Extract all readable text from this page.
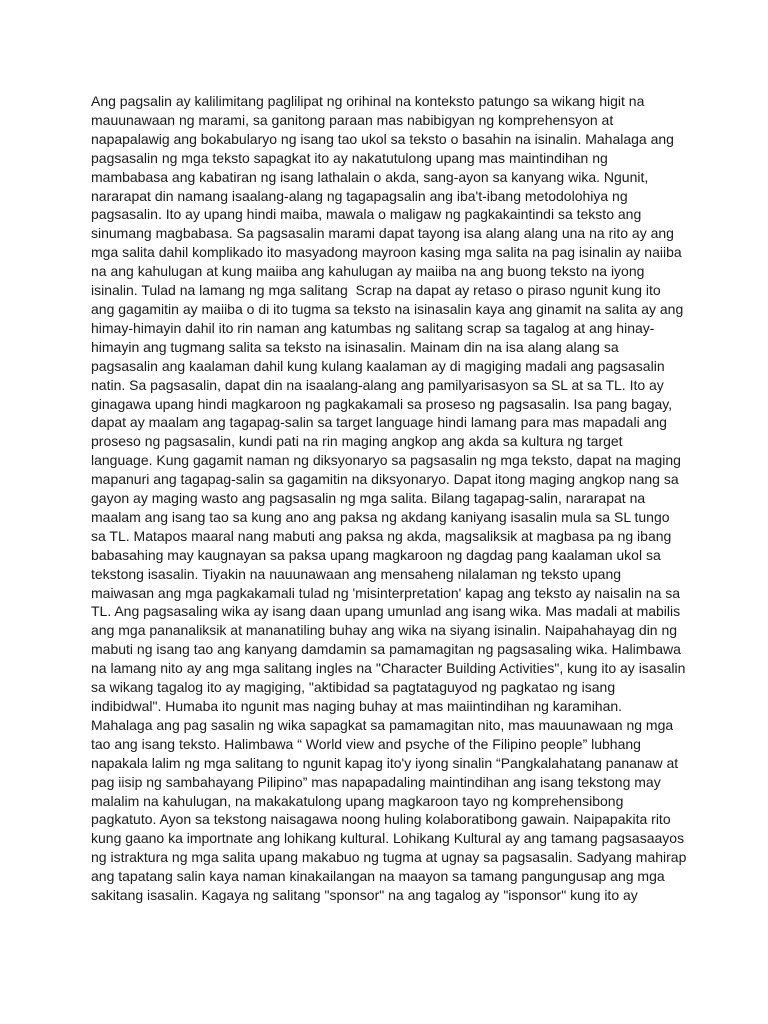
Ang pagsalin ay kalilimitang paglilipat ng orihinal na konteksto patungo sa wikang higit na
mauunawaan ng marami, sa ganitong paraan mas nabibigyan ng komprehensyon at
napapalawig ang bokabularyo ng isang tao ukol sa teksto o basahin na isinalin. Mahalaga ang
pagsasalin ng mga teksto sapagkat ito ay nakatutulong upang mas maintindihan ng
mambabasa ang kabatiran ng isang lathalain o akda, sang-ayon sa kanyang wika. Ngunit,
nararapat din namang isaalang-alang ng tagapagsalin ang iba't-ibang metodolohiya ng
pagsasalin. Ito ay upang hindi maiba, mawala o maligaw ng pagkakaintindi sa teksto ang
sinumang magbabasa. Sa pagsasalin marami dapat tayong isa alang alang una na rito ay ang
mga salita dahil komplikado ito masyadong mayroon kasing mga salita na pag isinalin ay naiiba
na ang kahulugan at kung maiiba ang kahulugan ay maiiba na ang buong teksto na iyong
isinalin. Tulad na lamang ng mga salitang  Scrap na dapat ay retaso o piraso ngunit kung ito
ang gagamitin ay maiiba o di ito tugma sa teksto na isinasalin kaya ang ginamit na salita ay ang
himay-himayin dahil ito rin naman ang katumbas ng salitang scrap sa tagalog at ang hinay-
himayin ang tugmang salita sa teksto na isinasalin. Mainam din na isa alang alang sa
pagsasalin ang kaalaman dahil kung kulang kaalaman ay di magiging madali ang pagsasalin
natin. Sa pagsasalin, dapat din na isaalang-alang ang pamilyarisasyon sa SL at sa TL. Ito ay
ginagawa upang hindi magkaroon ng pagkakamali sa proseso ng pagsasalin. Isa pang bagay,
dapat ay maalam ang tagapag-salin sa target language hindi lamang para mas mapadali ang
proseso ng pagsasalin, kundi pati na rin maging angkop ang akda sa kultura ng target
language. Kung gagamit naman ng diksyonaryo sa pagsasalin ng mga teksto, dapat na maging
mapanuri ang tagapag-salin sa gagamitin na diksyonaryo. Dapat itong maging angkop nang sa
gayon ay maging wasto ang pagsasalin ng mga salita. Bilang tagapag-salin, nararapat na
maalam ang isang tao sa kung ano ang paksa ng akdang kaniyang isasalin mula sa SL tungo
sa TL. Matapos maaral nang mabuti ang paksa ng akda, magsaliksik at magbasa pa ng ibang
babasahing may kaugnayan sa paksa upang magkaroon ng dagdag pang kaalaman ukol sa
tekstong isasalin. Tiyakin na nauunawaan ang mensaheng nilalaman ng teksto upang
maiwasan ang mga pagkakamali tulad ng 'misinterpretation' kapag ang teksto ay naisalin na sa
TL. Ang pagsasaling wika ay isang daan upang umunlad ang isang wika. Mas madali at mabilis
ang mga pananaliksik at mananatiling buhay ang wika na siyang isinalin. Naipahahayag din ng
mabuti ng isang tao ang kanyang damdamin sa pamamagitan ng pagsasaling wika. Halimbawa
na lamang nito ay ang mga salitang ingles na "Character Building Activities", kung ito ay isasalin
sa wikang tagalog ito ay magiging, "aktibidad sa pagtataguyod ng pagkatao ng isang
indibidwal". Humaba ito ngunit mas naging buhay at mas maiintindihan ng karamihan.
Mahalaga ang pag sasalin ng wika sapagkat sa pamamagitan nito, mas mauunawaan ng mga
tao ang isang teksto. Halimbawa “ World view and psyche of the Filipino people” lubhang
napakala lalim ng mga salitang to ngunit kapag ito'y iyong sinalin “Pangkalahatang pananaw at
pag iisip ng sambahayang Pilipino” mas napapadaling maintindihan ang isang tekstong may
malalim na kahulugan, na makakatulong upang magkaroon tayo ng komprehensibong
pagkatuto. Ayon sa tekstong naisagawa noong huling kolaboratibong gawain. Naipapakita rito
kung gaano ka importnate ang lohikang kultural. Lohikang Kultural ay ang tamang pagsasaayos
ng istraktura ng mga salita upang makabuo ng tugma at ugnay sa pagsasalin. Sadyang mahirap
ang tapatang salin kaya naman kinakailangan na maayon sa tamang pangungusap ang mga
sakitang isasalin. Kagaya ng salitang "sponsor" na ang tagalog ay "isponsor" kung ito ay
